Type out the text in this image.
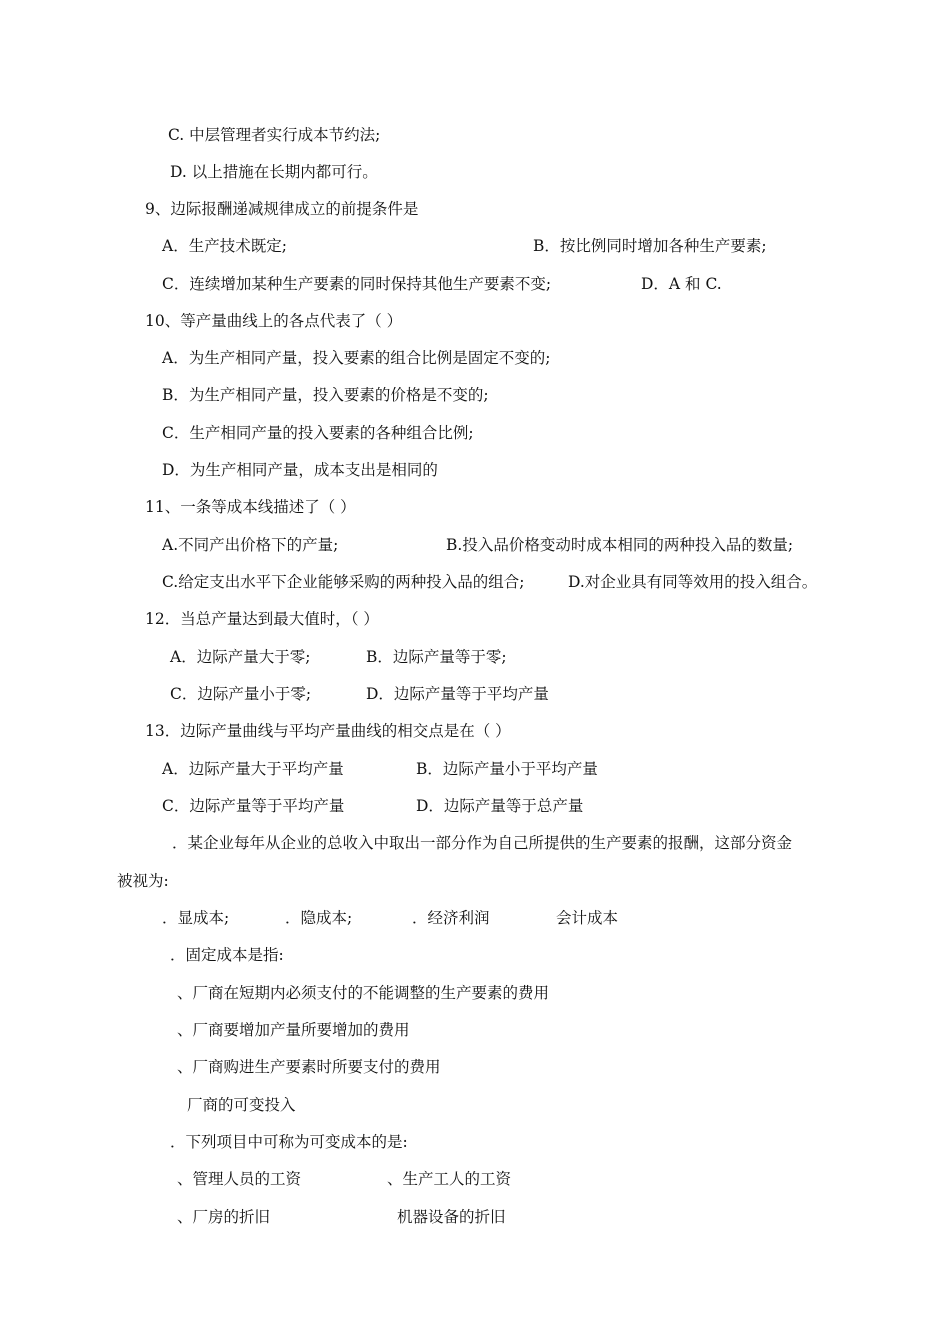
C. 中层管理者实行成本节约法;
D. 以上措施在长期内都可行。
9、边际报酬递减规律成立的前提条件是
A．生产技术既定;	B．按比例同时增加各种生产要素;
C．连续增加某种生产要素的同时保持其他生产要素不变;	D．A 和 C.
10、等产量曲线上的各点代表了（ ）
A．为生产相同产量，投入要素的组合比例是固定不变的;
B．为生产相同产量，投入要素的价格是不变的;
C．生产相同产量的投入要素的各种组合比例;
D．为生产相同产量，成本支出是相同的
11、一条等成本线描述了（ ）
A.不同产出价格下的产量;	B.投入品价格变动时成本相同的两种投入品的数量;
C.给定支出水平下企业能够采购的两种投入品的组合;	D.对企业具有同等效用的投入组合。
12．当总产量达到最大值时，（ ）
A．边际产量大于零;	B．边际产量等于零;
C．边际产量小于零;	D．边际产量等于平均产量
13．边际产量曲线与平均产量曲线的相交点是在（ ）
A．边际产量大于平均产量	B．边际产量小于平均产量
C．边际产量等于平均产量	D．边际产量等于总产量
．某企业每年从企业的总收入中取出一部分作为自己所提供的生产要素的报酬，这部分资金
被视为:
．显成本;	．隐成本;	．经济利润	会计成本
．固定成本是指:
、厂商在短期内必须支付的不能调整的生产要素的费用
、厂商要增加产量所要增加的费用
、厂商购进生产要素时所要支付的费用
厂商的可变投入
．下列项目中可称为可变成本的是:
、管理人员的工资	、生产工人的工资
、厂房的折旧	机器设备的折旧
